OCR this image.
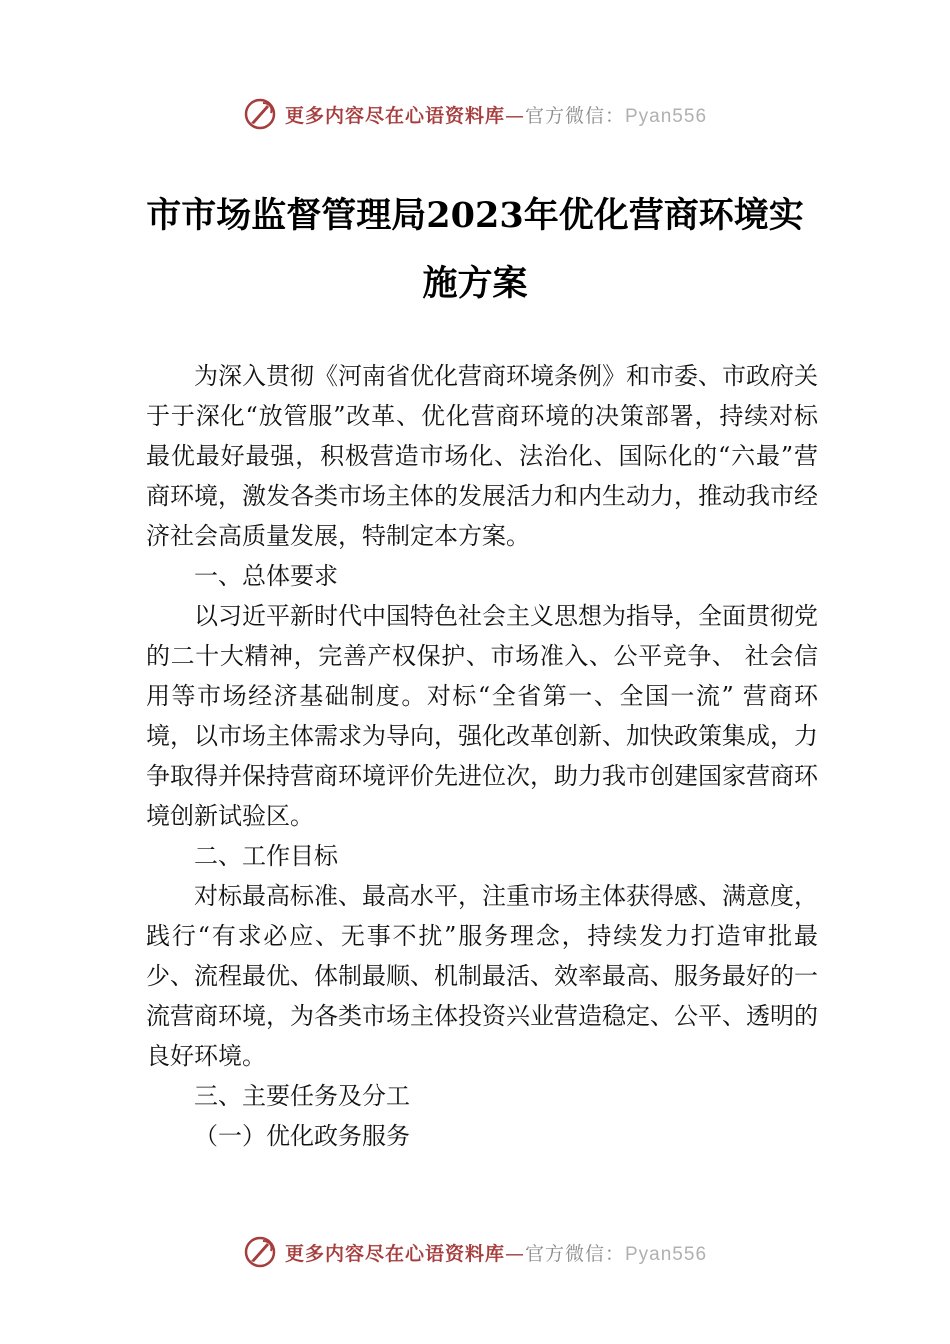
更多内容尽在心语资料库—官方微信：Pyan556
市市场监督管理局2023年优化营商环境实
施方案

为深入贯彻《河南省优化营商环境条例》和市委、市政府关于于深化“放管服”改革、优化营商环境的决策部署，持续对标最优最好最强，积极营造市场化、法治化、国际化的“六最”营商环境，激发各类市场主体的发展活力和内生动力，推动我市经济社会高质量发展，特制定本方案。

一、总体要求

以习近平新时代中国特色社会主义思想为指导，全面贯彻党的二十大精神，完善产权保护、市场准入、公平竞争、 社会信用等市场经济基础制度。对标“全省第一、全国一流” 营商环境，以市场主体需求为导向，强化改革创新、加快政策集成，力争取得并保持营商环境评价先进位次，助力我市创建国家营商环境创新试验区。

二、工作目标

对标最高标准、最高水平，注重市场主体获得感、满意度，践行“有求必应、无事不扰”服务理念，持续发力打造审批最少、流程最优、体制最顺、机制最活、效率最高、服务最好的一流营商环境，为各类市场主体投资兴业营造稳定、公平、透明的良好环境。

三、主要任务及分工

（一）优化政务服务

更多内容尽在心语资料库—官方微信：Pyan556
